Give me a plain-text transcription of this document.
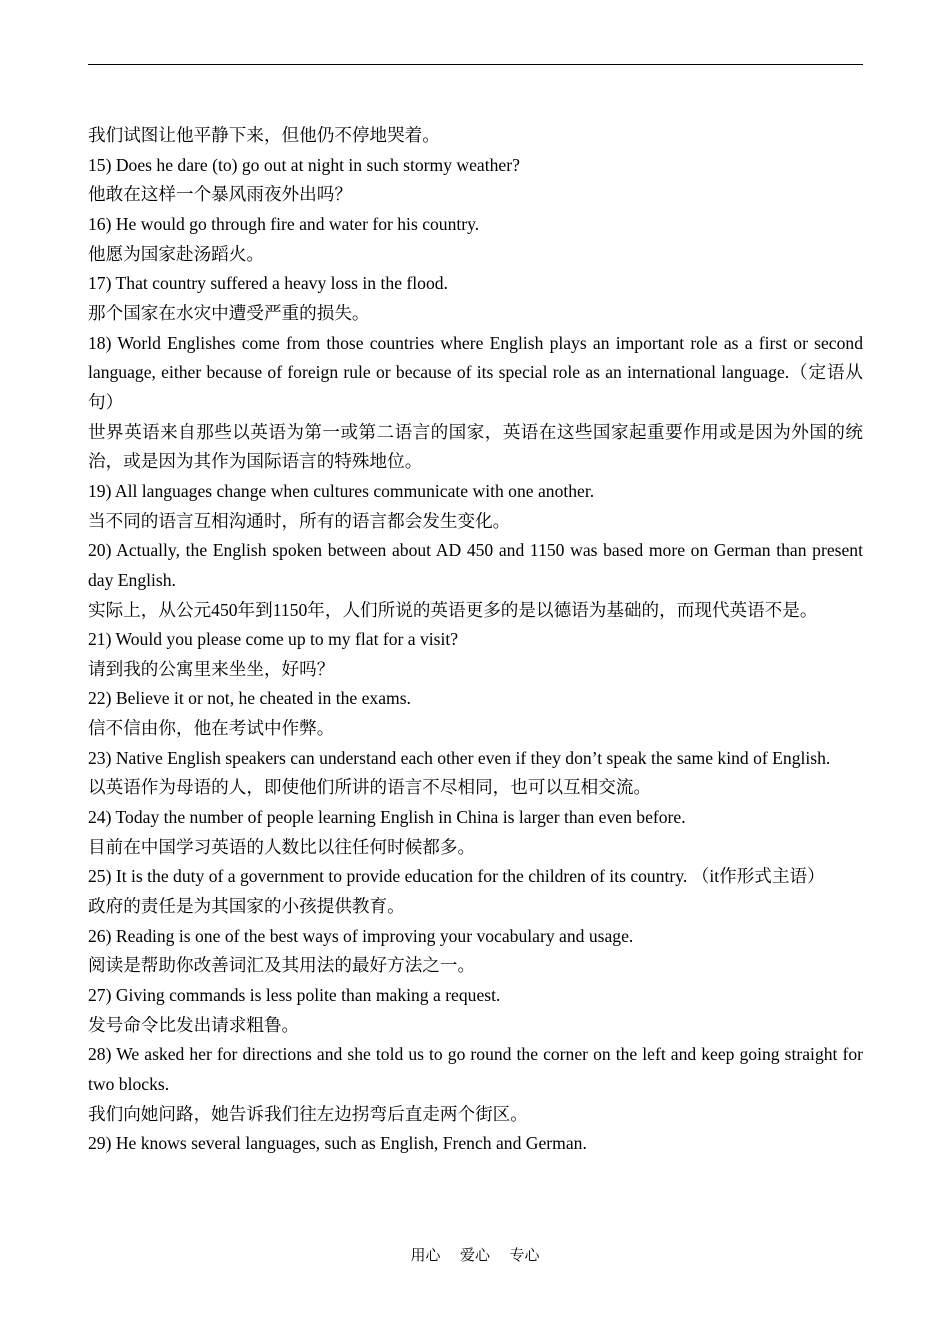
我们试图让他平静下来，但他仍不停地哭着。

15) Does he dare (to) go out at night in such stormy weather?

他敢在这样一个暴风雨夜外出吗？

16) He would go through fire and water for his country.

他愿为国家赴汤蹈火。

17) That country suffered a heavy loss in the flood.

那个国家在水灾中遭受严重的损失。

18) World Englishes come from those countries where English plays an important role as a first or second language, either because of foreign rule or because of its special role as an international language.（定语从句）

世界英语来自那些以英语为第一或第二语言的国家，英语在这些国家起重要作用或是因为外国的统治，或是因为其作为国际语言的特殊地位。

19) All languages change when cultures communicate with one another.

当不同的语言互相沟通时，所有的语言都会发生变化。

20) Actually, the English spoken between about AD 450 and 1150 was based more on German than present day English.

实际上，从公元450年到1150年，人们所说的英语更多的是以德语为基础的，而现代英语不是。

21) Would you please come up to my flat for a visit?

请到我的公寓里来坐坐，好吗？

22) Believe it or not, he cheated in the exams.

信不信由你，他在考试中作弊。

23) Native English speakers can understand each other even if they don’t speak the same kind of English.

以英语作为母语的人，即使他们所讲的语言不尽相同，也可以互相交流。

24) Today the number of people learning English in China is larger than even before.

目前在中国学习英语的人数比以往任何时候都多。

25) It is the duty of a government to provide education for the children of its country. （it作形式主语）

政府的责任是为其国家的小孩提供教育。

26) Reading is one of the best ways of improving your vocabulary and usage.

阅读是帮助你改善词汇及其用法的最好方法之一。

27) Giving commands is less polite than making a request.

发号命令比发出请求粗鲁。

28) We asked her for directions and she told us to go round the corner on the left and keep going straight for two blocks.

我们向她问路，她告诉我们往左边拐弯后直走两个街区。

29) He knows several languages, such as English, French and German.

用心  爱心  专心
